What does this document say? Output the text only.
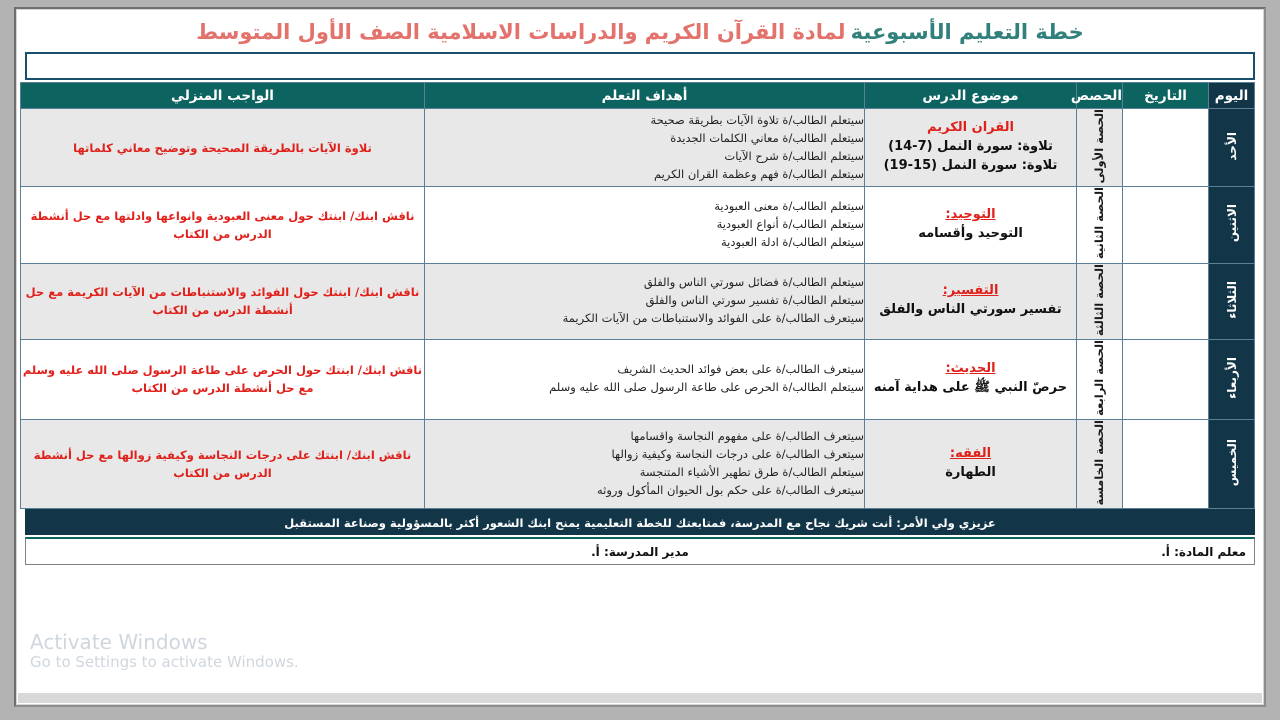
خطة التعليم الأسبوعية لمادة القرآن الكريم والدراسات الاسلامية الصف الأول المتوسط
اليوم	التاريخ	الحصص	موضوع الدرس	أهداف التعلم	الواجب المنزلي
الأحد		الحصة الأولى	القران الكريم
تلاوة: سورة النمل (7-14)
تلاوة: سورة النمل (15-19)	سيتعلم الطالب/ة تلاوة الآيات بطريقة صحيحة
سيتعلم الطالب/ة معاني الكلمات الجديدة
سيتعلم الطالب/ة شرح الآيات
سيتعلم الطالب/ة فهم وعظمة القران الكريم	تلاوة الآيات بالطريقة الصحيحة وتوضيح معاني كلماتها

الاثنين		الحصة الثانية	التوحيد:
التوحيد وأقسامه	سيتعلم الطالب/ة معنى العبودية
سيتعلم الطالب/ة أنواع العبودية
سيتعلم الطالب/ة ادلة العبودية	ناقش ابنك/ ابنتك حول معنى العبودية وانواعها وادلتها مع حل أنشطة الدرس من الكتاب

الثلاثاء		الحصة الثالثة	التفسير:
تفسير سورتي الناس والفلق	سيتعلم الطالب/ة فضائل سورتي الناس والفلق
سيتعلم الطالب/ة تفسير سورتي الناس والفلق
سيتعرف الطالب/ة على الفوائد والاستنباطات من الآيات الكريمة	ناقش ابنك/ ابنتك حول الفوائد والاستنباطات من الآيات الكريمة مع حل أنشطة الدرس من الكتاب

الأربعاء		الحصة الرابعة	الحديث:
حرصّ النبي ﷺ على هداية آمنه	سيتعرف الطالب/ة على بعض فوائد الحديث الشريف
سيتعلم الطالب/ة الحرص على طاعة الرسول صلى الله عليه وسلم	ناقش ابنك/ ابنتك حول الحرص على طاعة الرسول صلى الله عليه وسلم مع حل أنشطة الدرس من الكتاب

الخميس		الحصة الخامسة	الفقه:
الطهارة	سيتعرف الطالب/ة على مفهوم النجاسة واقسامها
سيتعرف الطالب/ة على درجات النجاسة وكيفية زوالها
سيتعلم الطالب/ة طرق تطهير الأشياء المتنجسة
سيتعرف الطالب/ة على حكم بول الحيوان المأكول وروثه	ناقش ابنك/ ابنتك على درجات النجاسة وكيفية زوالها مع حل أنشطة الدرس من الكتاب
عزيزي ولي الأمر: أنت شريك نجاح مع المدرسة، فمتابعتك للخطة التعليمية يمنح ابنك الشعور أكثر بالمسؤولية وصناعة المستقبل
معلم المادة: أ.
مدير المدرسة: أ.
Activate Windows
Go to Settings to activate Windows.
